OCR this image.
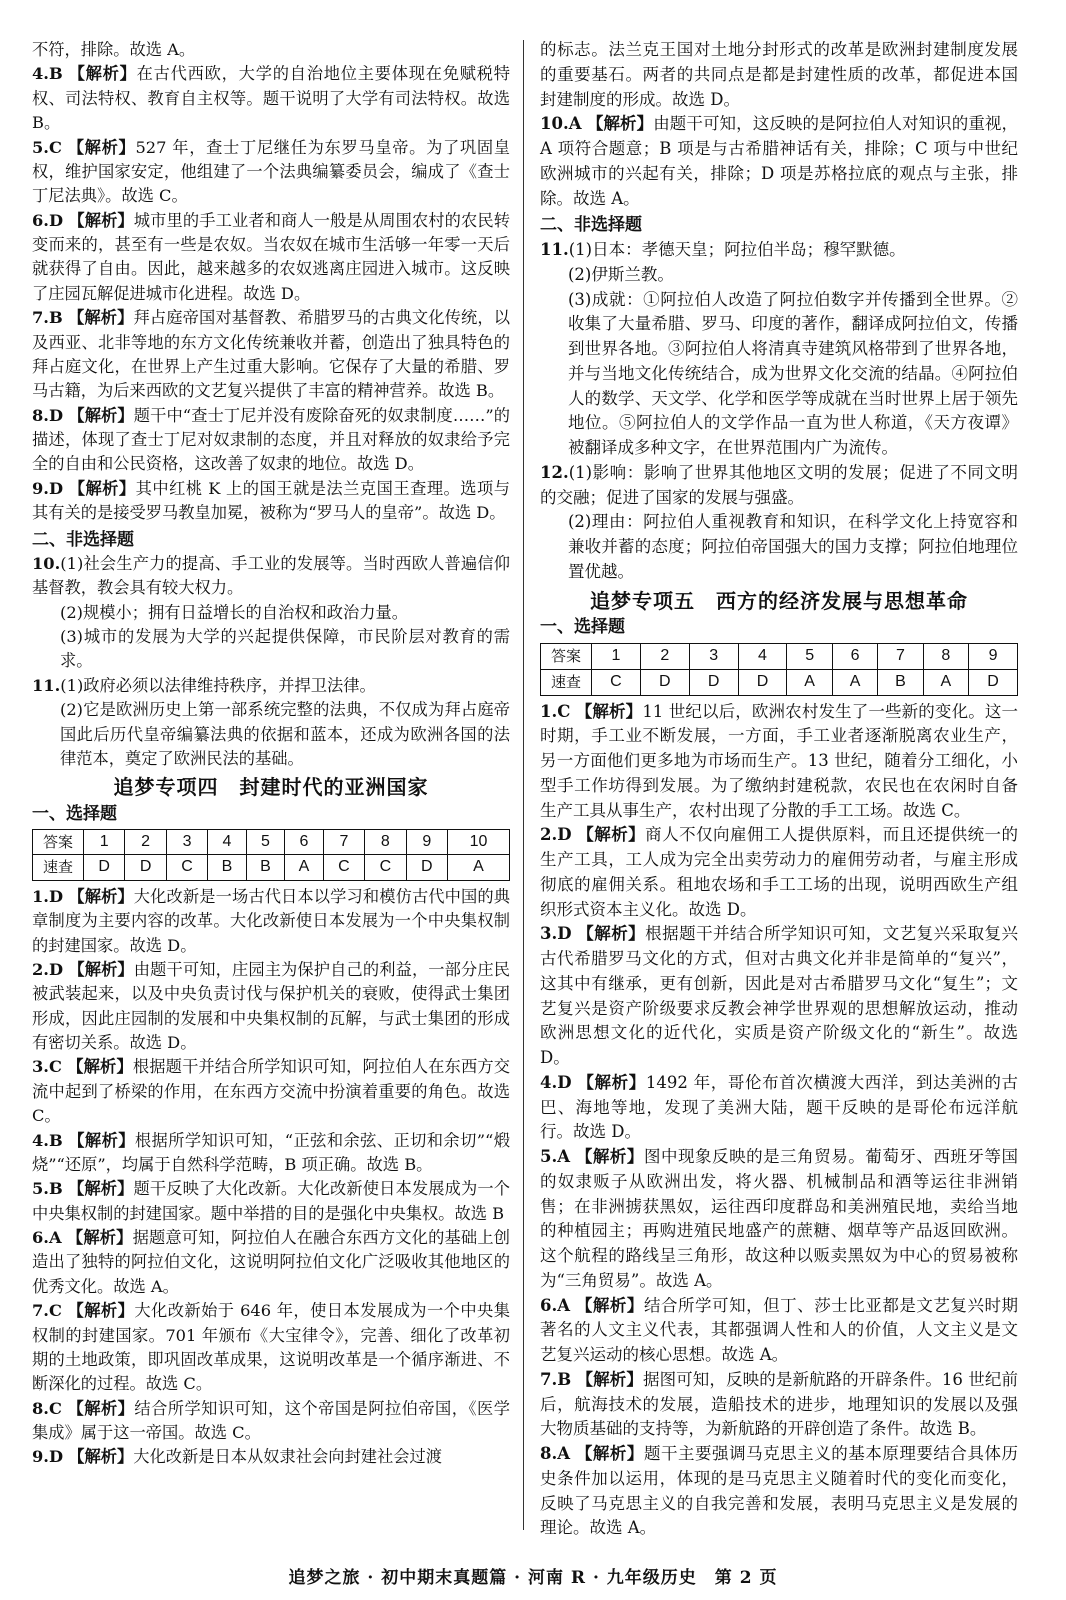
不符，排除。故选 A。

4.B 【解析】在古代西欧，大学的自治地位主要体现在免赋税特权、司法特权、教育自主权等。题干说明了大学有司法特权。故选 B。

5.C 【解析】527 年，查士丁尼继任为东罗马皇帝。为了巩固皇权，维护国家安定，他组建了一个法典编纂委员会，编成了《查士丁尼法典》。故选 C。

6.D 【解析】城市里的手工业者和商人一般是从周围农村的农民转变而来的，甚至有一些是农奴。当农奴在城市生活够一年零一天后就获得了自由。因此，越来越多的农奴逃离庄园进入城市。这反映了庄园瓦解促进城市化进程。故选 D。

7.B 【解析】拜占庭帝国对基督教、希腊罗马的古典文化传统，以及西亚、北非等地的东方文化传统兼收并蓄，创造出了独具特色的拜占庭文化，在世界上产生过重大影响。它保存了大量的希腊、罗马古籍，为后来西欧的文艺复兴提供了丰富的精神营养。故选 B。

8.D 【解析】题干中“查士丁尼并没有废除奋死的奴隶制度……”的描述，体现了查士丁尼对奴隶制的态度，并且对释放的奴隶给予完全的自由和公民资格，这改善了奴隶的地位。故选 D。

9.D 【解析】其中红桃 K 上的国王就是法兰克国王查理。选项与其有关的是接受罗马教皇加冕，被称为“罗马人的皇帝”。故选 D。

二、非选择题

10.(1)社会生产力的提高、手工业的发展等。当时西欧人普遍信仰基督教，教会具有较大权力。

(2)规模小；拥有日益增长的自治权和政治力量。

(3)城市的发展为大学的兴起提供保障，市民阶层对教育的需求。

11.(1)政府必须以法律维持秩序，并捍卫法律。

(2)它是欧洲历史上第一部系统完整的法典，不仅成为拜占庭帝国此后历代皇帝编纂法典的依据和蓝本，还成为欧洲各国的法律范本，奠定了欧洲民法的基础。

追梦专项四　封建时代的亚洲国家

一、选择题

答案	1	2	3	4	5	6	7	8	9	10
速查	D	D	C	B	B	A	C	C	D	A

1.D 【解析】大化改新是一场古代日本以学习和模仿古代中国的典章制度为主要内容的改革。大化改新使日本发展为一个中央集权制的封建国家。故选 D。

2.D 【解析】由题干可知，庄园主为保护自己的利益，一部分庄民被武装起来，以及中央负责讨伐与保护机关的衰败，使得武士集团形成，因此庄园制的发展和中央集权制的瓦解，与武士集团的形成有密切关系。故选 D。

3.C 【解析】根据题干并结合所学知识可知，阿拉伯人在东西方交流中起到了桥梁的作用，在东西方交流中扮演着重要的角色。故选 C。

4.B 【解析】根据所学知识可知，“正弦和余弦、正切和余切”“煅烧”“还原”，均属于自然科学范畴，B 项正确。故选 B。

5.B 【解析】题干反映了大化改新。大化改新使日本发展成为一个中央集权制的封建国家。题中举措的目的是强化中央集权。故选 B

6.A 【解析】据题意可知，阿拉伯人在融合东西方文化的基础上创造出了独特的阿拉伯文化，这说明阿拉伯文化广泛吸收其他地区的优秀文化。故选 A。

7.C 【解析】大化改新始于 646 年，使日本发展成为一个中央集权制的封建国家。701 年颁布《大宝律令》，完善、细化了改革初期的土地政策，即巩固改革成果，这说明改革是一个循序渐进、不断深化的过程。故选 C。

8.C 【解析】结合所学知识可知，这个帝国是阿拉伯帝国，《医学集成》属于这一帝国。故选 C。

9.D 【解析】大化改新是日本从奴隶社会向封建社会过渡

的标志。法兰克王国对土地分封形式的改革是欧洲封建制度发展的重要基石。两者的共同点是都是封建性质的改革，都促进本国封建制度的形成。故选 D。

10.A 【解析】由题干可知，这反映的是阿拉伯人对知识的重视，A 项符合题意；B 项是与古希腊神话有关，排除；C 项与中世纪欧洲城市的兴起有关，排除；D 项是苏格拉底的观点与主张，排除。故选 A。

二、非选择题

11.(1)日本：孝德天皇；阿拉伯半岛；穆罕默德。

(2)伊斯兰教。

(3)成就：①阿拉伯人改造了阿拉伯数字并传播到全世界。②收集了大量希腊、罗马、印度的著作，翻译成阿拉伯文，传播到世界各地。③阿拉伯人将清真寺建筑风格带到了世界各地，并与当地文化传统结合，成为世界文化交流的结晶。④阿拉伯人的数学、天文学、化学和医学等成就在当时世界上居于领先地位。⑤阿拉伯人的文学作品一直为世人称道，《天方夜谭》被翻译成多种文字，在世界范围内广为流传。

12.(1)影响：影响了世界其他地区文明的发展；促进了不同文明的交融；促进了国家的发展与强盛。

(2)理由：阿拉伯人重视教育和知识，在科学文化上持宽容和兼收并蓄的态度；阿拉伯帝国强大的国力支撑；阿拉伯地理位置优越。

追梦专项五　西方的经济发展与思想革命

一、选择题

答案	1	2	3	4	5	6	7	8	9
速查	C	D	D	D	A	A	B	A	D

1.C 【解析】11 世纪以后，欧洲农村发生了一些新的变化。这一时期，手工业不断发展，一方面，手工业者逐渐脱离农业生产，另一方面他们更多地为市场而生产。13 世纪，随着分工细化，小型手工作坊得到发展。为了缴纳封建税款，农民也在农闲时自备生产工具从事生产，农村出现了分散的手工工场。故选 C。

2.D 【解析】商人不仅向雇佣工人提供原料，而且还提供统一的生产工具，工人成为完全出卖劳动力的雇佣劳动者，与雇主形成彻底的雇佣关系。租地农场和手工工场的出现，说明西欧生产组织形式资本主义化。故选 D。

3.D 【解析】根据题干并结合所学知识可知，文艺复兴采取复兴古代希腊罗马文化的方式，但对古典文化并非是简单的“复兴”，这其中有继承，更有创新，因此是对古希腊罗马文化“复生”；文艺复兴是资产阶级要求反教会神学世界观的思想解放运动，推动欧洲思想文化的近代化，实质是资产阶级文化的“新生”。故选 D。

4.D 【解析】1492 年，哥伦布首次横渡大西洋，到达美洲的古巴、海地等地，发现了美洲大陆，题干反映的是哥伦布远洋航行。故选 D。

5.A 【解析】图中现象反映的是三角贸易。葡萄牙、西班牙等国的奴隶贩子从欧洲出发，将火器、机械制品和酒等运往非洲销售；在非洲掳获黑奴，运往西印度群岛和美洲殖民地，卖给当地的种植园主；再购进殖民地盛产的蔗糖、烟草等产品返回欧洲。这个航程的路线呈三角形，故这种以贩卖黑奴为中心的贸易被称为“三角贸易”。故选 A。

6.A 【解析】结合所学可知，但丁、莎士比亚都是文艺复兴时期著名的人文主义代表，其都强调人性和人的价值，人文主义是文艺复兴运动的核心思想。故选 A。

7.B 【解析】据图可知，反映的是新航路的开辟条件。16 世纪前后，航海技术的发展，造船技术的进步，地理知识的发展以及强大物质基础的支持等，为新航路的开辟创造了条件。故选 B。

8.A 【解析】题干主要强调马克思主义的基本原理要结合具体历史条件加以运用，体现的是马克思主义随着时代的变化而变化，反映了马克思主义的自我完善和发展，表明马克思主义是发展的理论。故选 A。

追梦之旅 · 初中期末真题篇 · 河南 R · 九年级历史　第 2 页
